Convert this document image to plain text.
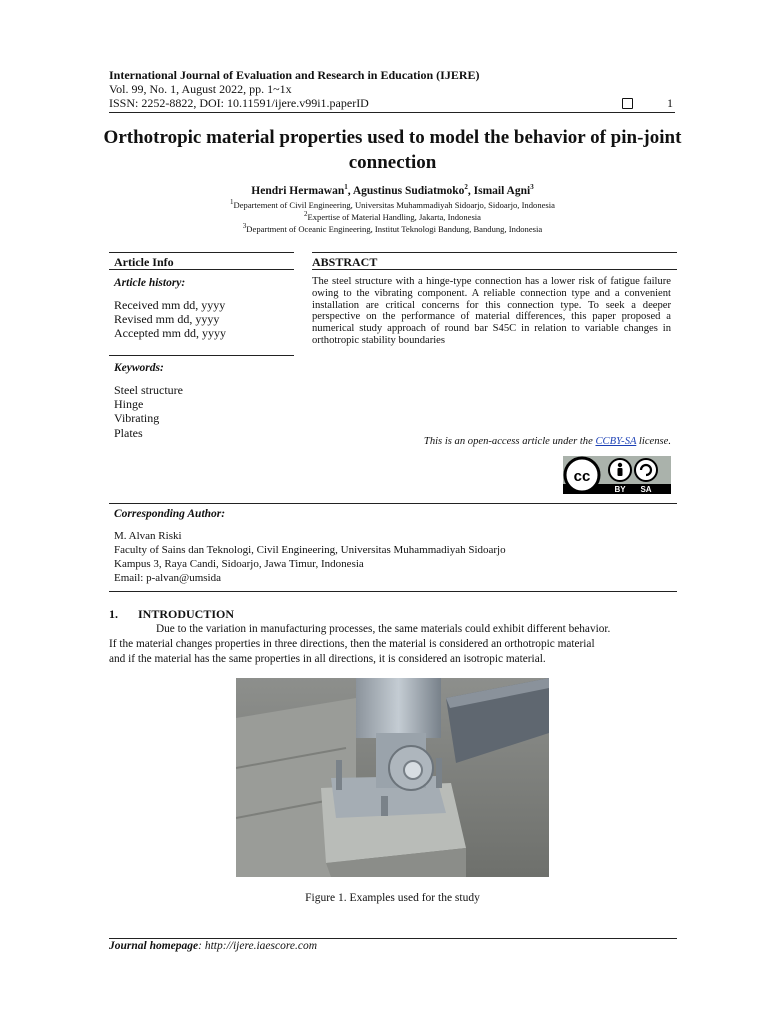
International Journal of Evaluation and Research in Education (IJERE)
Vol. 99, No. 1, August 2022, pp. 1~1x
ISSN: 2252-8822, DOI: 10.11591/ijere.v99i1.paperID	1
Orthotropic material properties used to model the behavior of pin-joint connection
Hendri Hermawan$^1$, Agustinus Sudiatmoko$^2$, Ismail Agni$^3$
$^1$Departement of Civil Engineering, Universitas Muhammadiyah Sidoarjo, Sidoarjo, Indonesia
$^2$Expertise of Material Handling, Jakarta, Indonesia
$^3$Department of Oceanic Engineering, Institut Teknologi Bandung, Bandung, Indonesia
Article Info
Article history:
Received mm dd, yyyy
Revised mm dd, yyyy
Accepted mm dd, yyyy
Keywords:
Steel structure
Hinge
Vibrating
Plates
ABSTRACT
The steel structure with a hinge-type connection has a lower risk of fatigue failure owing to the vibrating component. A reliable connection type and a convenient installation are critical concerns for this connection type. To seek a deeper perspective on the performance of material differences, this paper proposed a numerical study approach of round bar S45C in relation to variable changes in orthotropic stability boundaries
This is an open-access article under the CCBY-SA license.
cc
BY SA
Corresponding Author:
M. Alvan Riski
Faculty of Sains dan Teknologi, Civil Engineering, Universitas Muhammadiyah Sidoarjo
Kampus 3, Raya Candi, Sidoarjo, Jawa Timur, Indonesia
Email: p-alvan@umsida
1. INTRODUCTION
Due to the variation in manufacturing processes, the same materials could exhibit different behavior.
If the material changes properties in three directions, then the material is considered an orthotropic material
and if the material has the same properties in all directions, it is considered an isotropic material.
Figure 1. Examples used for the study
Journal homepage: http://ijere.iaescore.com
